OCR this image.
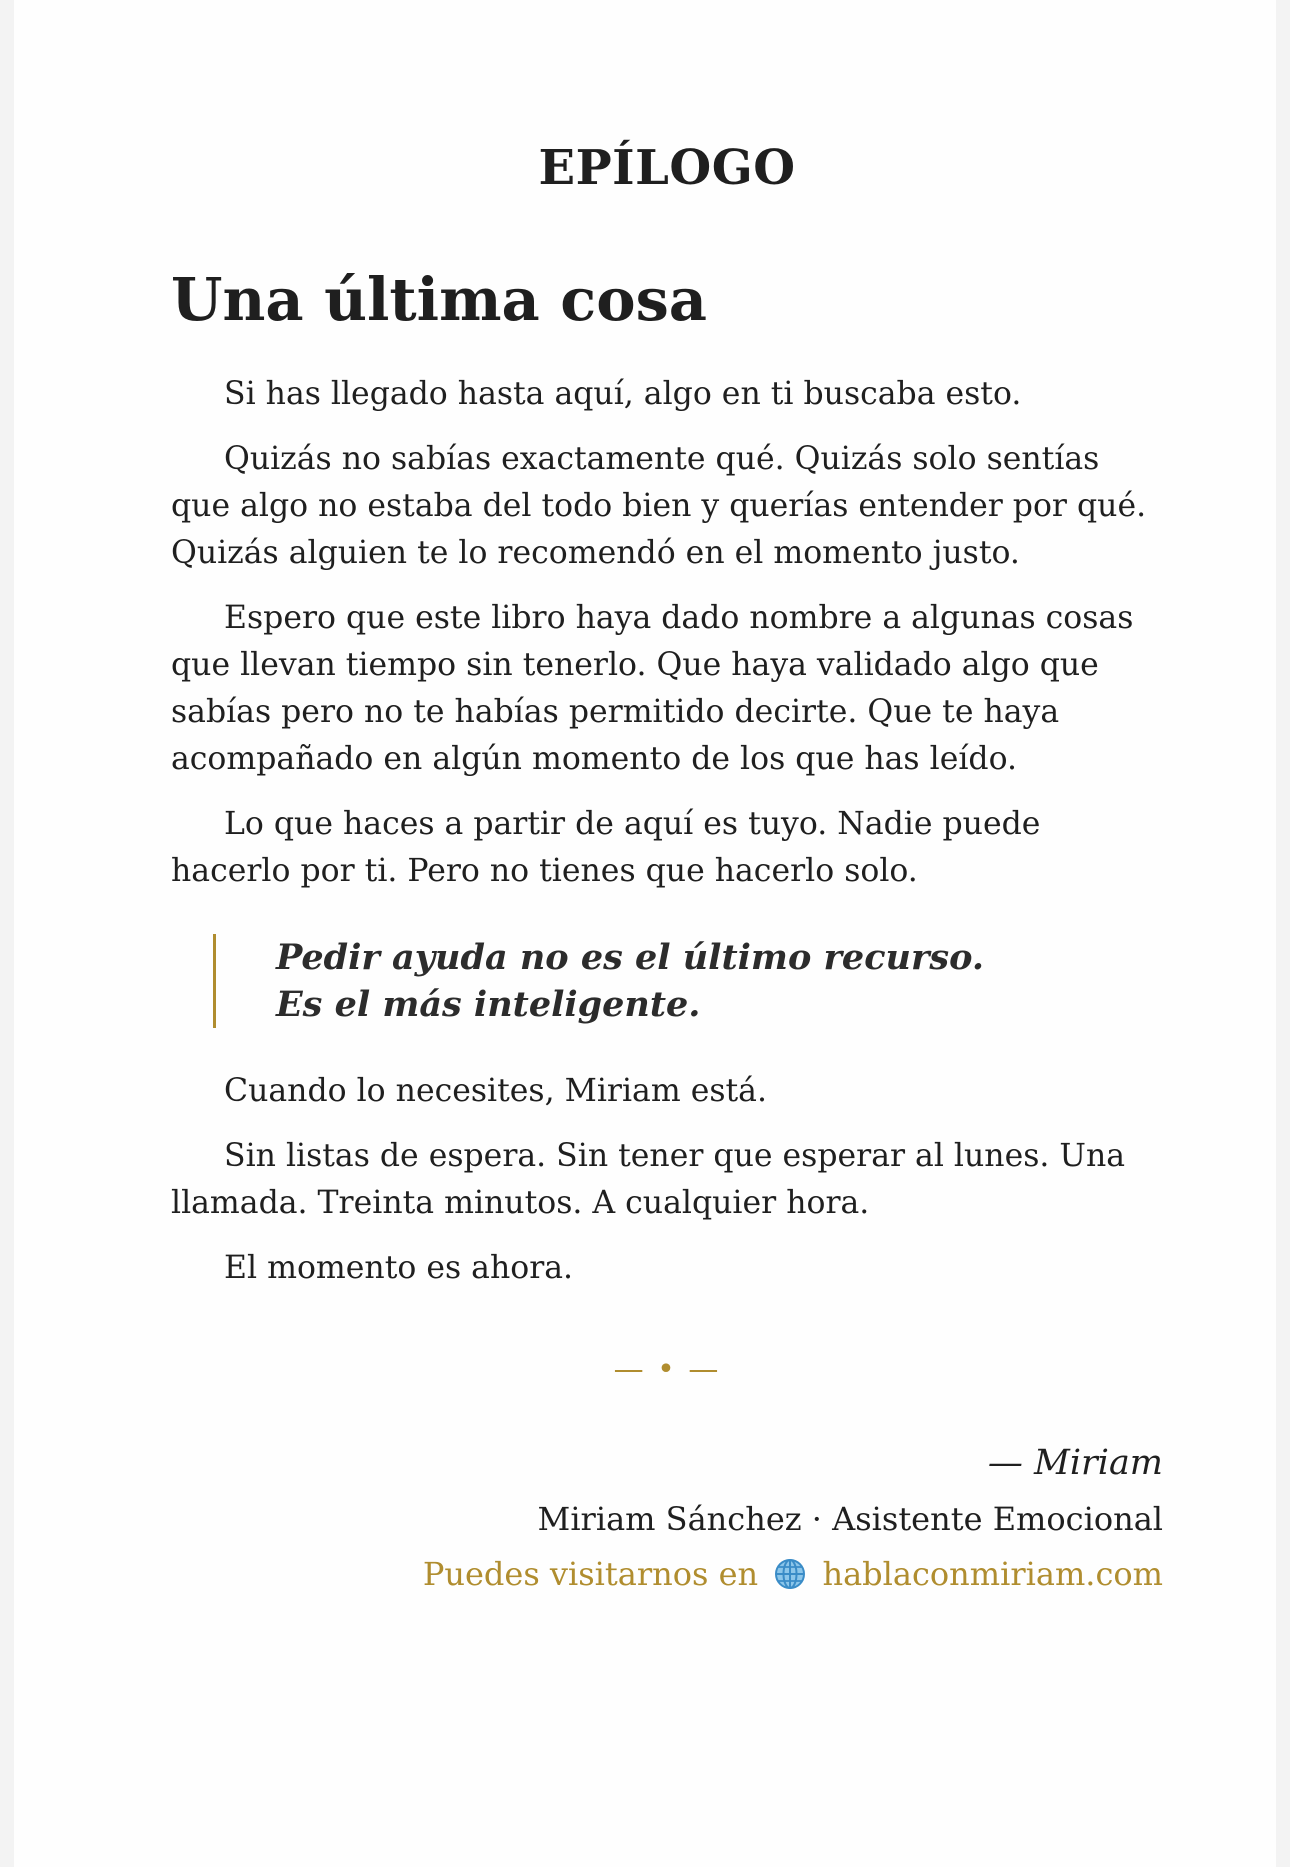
EPÍLOGO
Una última cosa

Si has llegado hasta aquí, algo en ti buscaba esto.

Quizás no sabías exactamente qué. Quizás solo sentías que algo no estaba del todo bien y querías entender por qué. Quizás alguien te lo recomendó en el momento justo.

Espero que este libro haya dado nombre a algunas cosas que llevan tiempo sin tenerlo. Que haya validado algo que sabías pero no te habías permitido decirte. Que te haya acompañado en algún momento de los que has leído.

Lo que haces a partir de aquí es tuyo. Nadie puede hacerlo por ti. Pero no tienes que hacerlo solo.

Pedir ayuda no es el último recurso.
Es el más inteligente.

Cuando lo necesites, Miriam está.

Sin listas de espera. Sin tener que esperar al lunes. Una llamada. Treinta minutos. A cualquier hora.

El momento es ahora.

— • —
— Miriam
Miriam Sánchez · Asistente Emocional
Puedes visitarnos en hablaconmiriam.com
